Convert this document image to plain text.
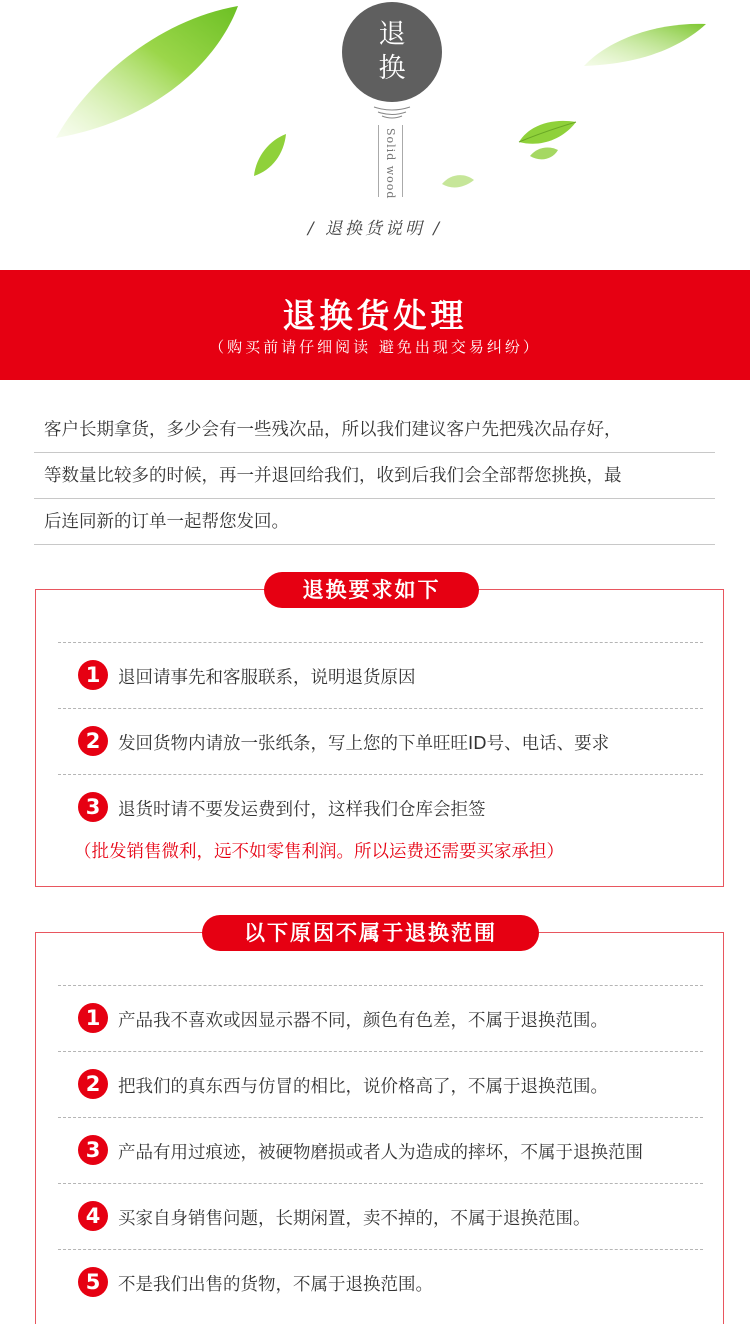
退
换
Solid wood
/ 退换货说明 /
退换货处理
（购买前请仔细阅读 避免出现交易纠纷）
客户长期拿货，多少会有一些残次品，所以我们建议客户先把残次品存好，
等数量比较多的时候，再一并退回给我们，收到后我们会全部帮您挑换，最
后连同新的订单一起帮您发回。
退换要求如下
1	退回请事先和客服联系，说明退货原因
2	发回货物内请放一张纸条，写上您的下单旺旺ID号、电话、要求
3	退货时请不要发运费到付，这样我们仓库会拒签
（批发销售微利，远不如零售利润。所以运费还需要买家承担）
以下原因不属于退换范围
1	产品我不喜欢或因显示器不同，颜色有色差，不属于退换范围。
2	把我们的真东西与仿冒的相比，说价格高了，不属于退换范围。
3	产品有用过痕迹，被硬物磨损或者人为造成的摔坏，不属于退换范围
4	买家自身销售问题，长期闲置，卖不掉的，不属于退换范围。
5	不是我们出售的货物，不属于退换范围。
